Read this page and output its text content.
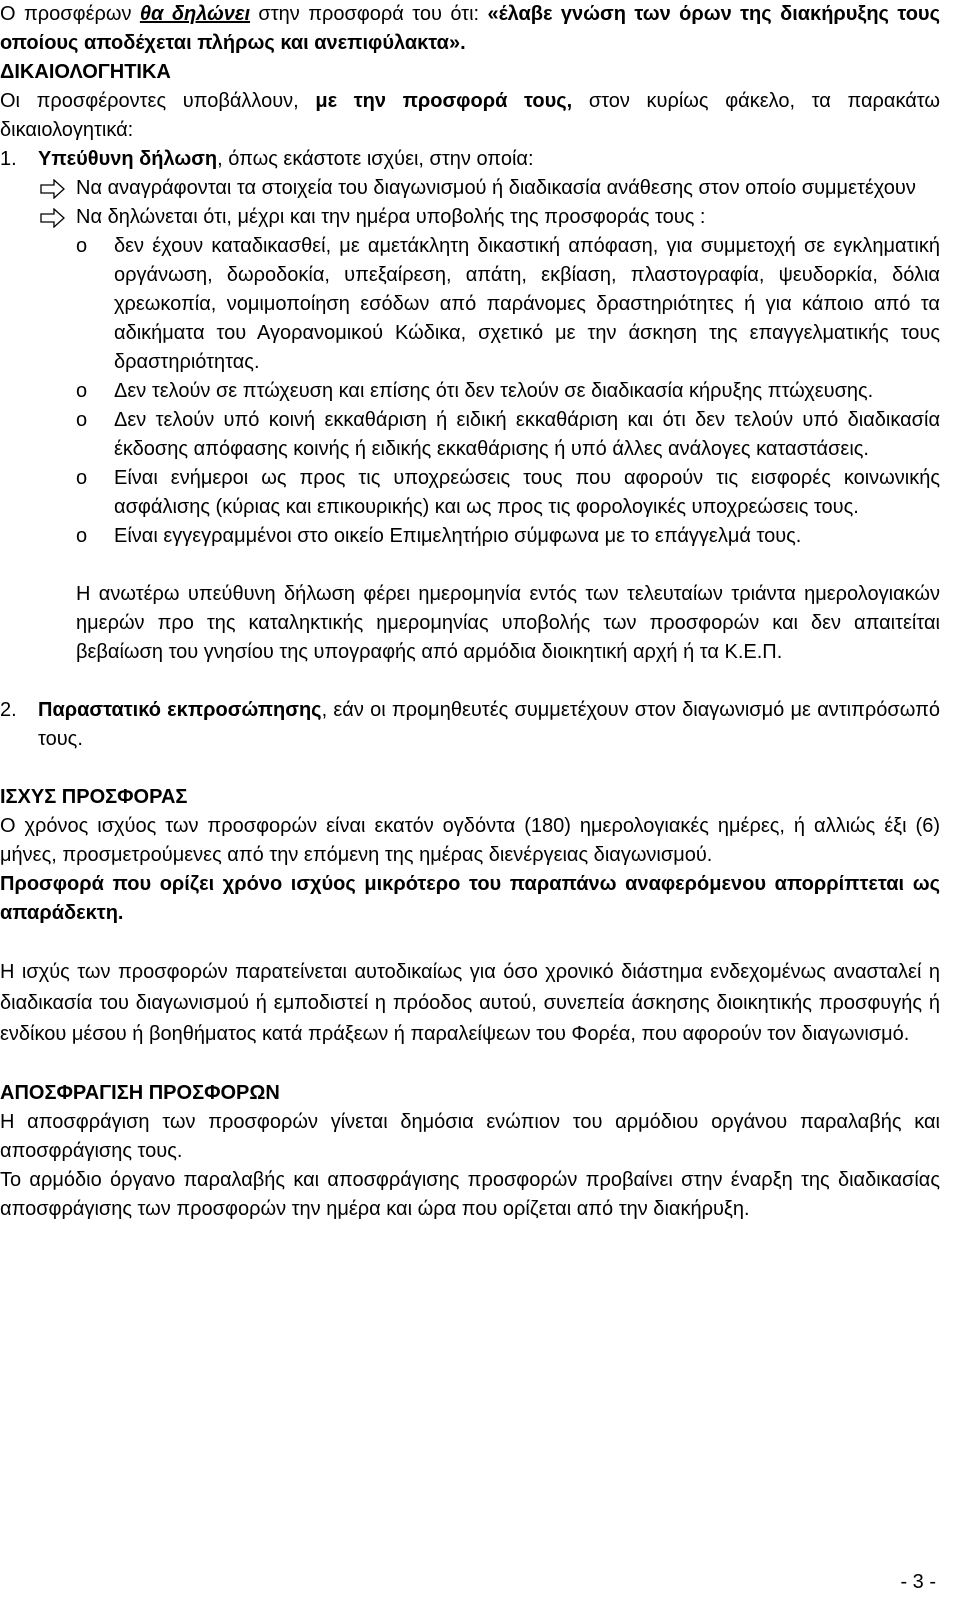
Ο προσφέρων θα δηλώνει στην προσφορά του ότι: «έλαβε γνώση των όρων της διακήρυξης τους οποίους αποδέχεται πλήρως και ανεπιφύλακτα».

ΔΙΚΑΙΟΛΟΓΗΤΙΚΑ

Οι προσφέροντες υποβάλλουν, με την προσφορά τους, στον κυρίως φάκελο, τα παρακάτω δικαιολογητικά:

1. Υπεύθυνη δήλωση, όπως εκάστοτε ισχύει, στην οποία:
Να αναγράφονται τα στοιχεία του διαγωνισμού ή διαδικασία ανάθεσης στον οποίο συμμετέχουν
Να δηλώνεται ότι, μέχρι και την ημέρα υποβολής της προσφοράς τους :
o δεν έχουν καταδικασθεί, με αμετάκλητη δικαστική απόφαση, για συμμετοχή σε εγκληματική οργάνωση, δωροδοκία, υπεξαίρεση, απάτη, εκβίαση, πλαστογραφία, ψευδορκία, δόλια χρεωκοπία, νομιμοποίηση εσόδων από παράνομες δραστηριότητες ή για κάποιο από τα αδικήματα του Αγορανομικού Κώδικα, σχετικό με την άσκηση της επαγγελματικής τους δραστηριότητας.
o Δεν τελούν σε πτώχευση και επίσης ότι δεν τελούν σε διαδικασία κήρυξης πτώχευσης.
o Δεν τελούν υπό κοινή εκκαθάριση ή ειδική εκκαθάριση και ότι δεν τελούν υπό διαδικασία έκδοσης απόφασης κοινής ή ειδικής εκκαθάρισης ή υπό άλλες ανάλογες καταστάσεις.
o Είναι ενήμεροι ως προς τις υποχρεώσεις τους που αφορούν τις εισφορές κοινωνικής ασφάλισης (κύριας και επικουρικής) και ως προς τις φορολογικές υποχρεώσεις τους.
o Είναι εγγεγραμμένοι στο οικείο Επιμελητήριο σύμφωνα με το επάγγελμά τους.

Η ανωτέρω υπεύθυνη δήλωση φέρει ημερομηνία εντός των τελευταίων τριάντα ημερολογιακών ημερών προ της καταληκτικής ημερομηνίας υποβολής των προσφορών και δεν απαιτείται βεβαίωση του γνησίου της υπογραφής από αρμόδια διοικητική αρχή ή τα Κ.Ε.Π.

2. Παραστατικό εκπροσώπησης, εάν οι προμηθευτές συμμετέχουν στον διαγωνισμό με αντιπρόσωπό τους.

ΙΣΧΥΣ ΠΡΟΣΦΟΡΑΣ

Ο χρόνος ισχύος των προσφορών είναι εκατόν ογδόντα (180) ημερολογιακές ημέρες, ή αλλιώς έξι (6) μήνες, προσμετρούμενες από την επόμενη της ημέρας διενέργειας διαγωνισμού.

Προσφορά που ορίζει χρόνο ισχύος μικρότερο του παραπάνω αναφερόμενου απορρίπτεται ως απαράδεκτη.

Η ισχύς των προσφορών παρατείνεται αυτοδικαίως για όσο χρονικό διάστημα ενδεχομένως ανασταλεί η διαδικασία του διαγωνισμού ή εμποδιστεί η πρόοδος αυτού, συνεπεία άσκησης διοικητικής προσφυγής ή ενδίκου μέσου ή βοηθήματος κατά πράξεων ή παραλείψεων του Φορέα, που αφορούν τον διαγωνισμό.

ΑΠΟΣΦΡΑΓΙΣΗ ΠΡΟΣΦΟΡΩΝ

Η αποσφράγιση των προσφορών γίνεται δημόσια ενώπιον του αρμόδιου οργάνου παραλαβής και αποσφράγισης τους.

Το αρμόδιο όργανο παραλαβής και αποσφράγισης προσφορών προβαίνει στην έναρξη της διαδικασίας αποσφράγισης των προσφορών την ημέρα και ώρα που ορίζεται από την διακήρυξη.

- 3 -
